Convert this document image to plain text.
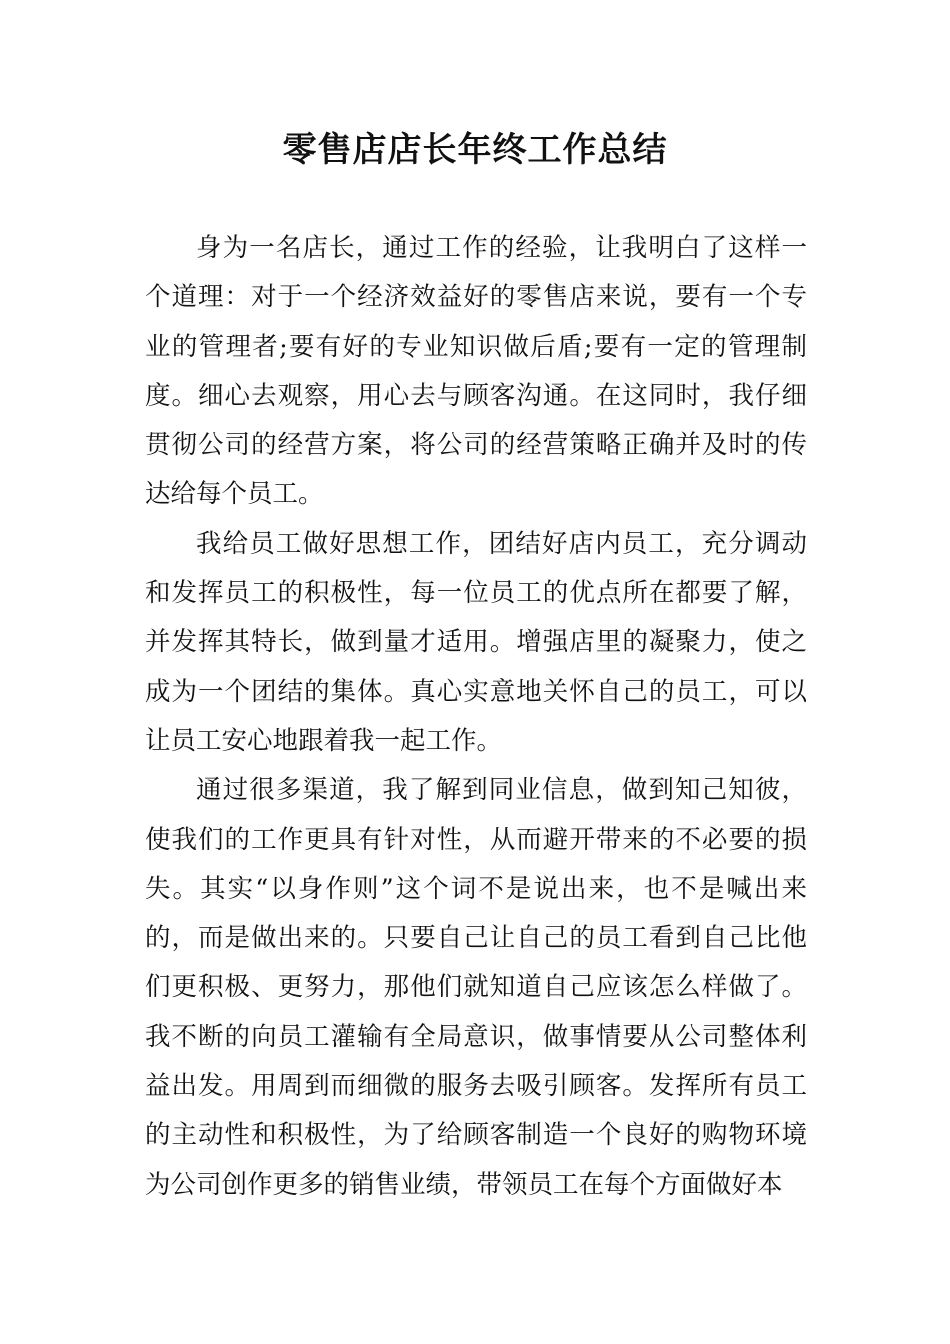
零售店店长年终工作总结

身为一名店长，通过工作的经验，让我明白了这样一个道理：对于一个经济效益好的零售店来说，要有一个专业的管理者;要有好的专业知识做后盾;要有一定的管理制度。细心去观察，用心去与顾客沟通。在这同时，我仔细贯彻公司的经营方案，将公司的经营策略正确并及时的传达给每个员工。

我给员工做好思想工作，团结好店内员工，充分调动和发挥员工的积极性，每一位员工的优点所在都要了解，并发挥其特长，做到量才适用。增强店里的凝聚力，使之成为一个团结的集体。真心实意地关怀自己的员工，可以让员工安心地跟着我一起工作。

通过很多渠道，我了解到同业信息，做到知己知彼，使我们的工作更具有针对性，从而避开带来的不必要的损失。其实“以身作则”这个词不是说出来，也不是喊出来的，而是做出来的。只要自己让自己的员工看到自己比他们更积极、更努力，那他们就知道自己应该怎么样做了。我不断的向员工灌输有全局意识，做事情要从公司整体利益出发。用周到而细微的服务去吸引顾客。发挥所有员工的主动性和积极性，为了给顾客制造一个良好的购物环境为公司创作更多的销售业绩，带领员工在每个方面做好本
